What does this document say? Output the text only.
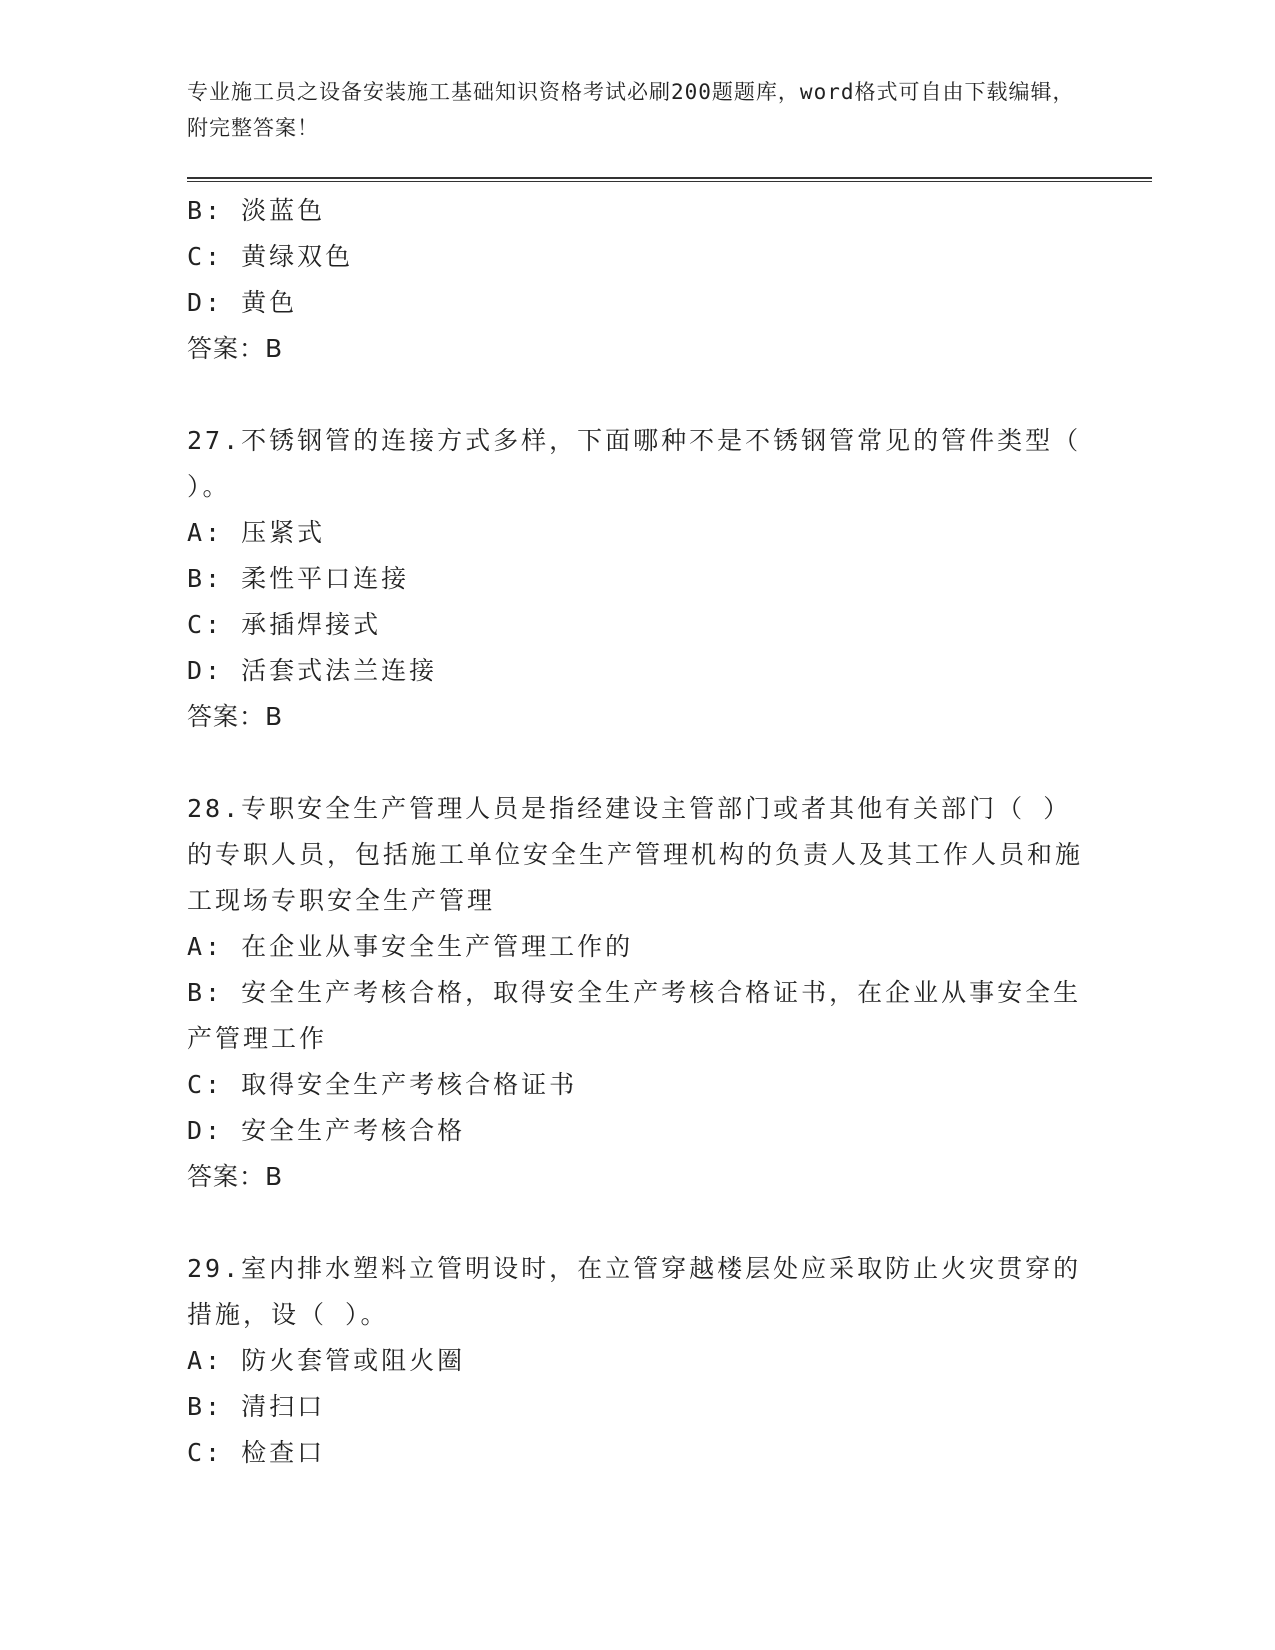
专业施工员之设备安装施工基础知识资格考试必刷200题题库，word格式可自由下载编辑，附完整答案！
B: 淡蓝色
C: 黄绿双色
D: 黄色
答案：B
27.不锈钢管的连接方式多样，下面哪种不是不锈钢管常见的管件类型（ ）。
A: 压紧式
B: 柔性平口连接
C: 承插焊接式
D: 活套式法兰连接
答案：B
28.专职安全生产管理人员是指经建设主管部门或者其他有关部门（ ）的专职人员，包括施工单位安全生产管理机构的负责人及其工作人员和施工现场专职安全生产管理
A: 在企业从事安全生产管理工作的
B: 安全生产考核合格，取得安全生产考核合格证书，在企业从事安全生产管理工作
C: 取得安全生产考核合格证书
D: 安全生产考核合格
答案：B
29.室内排水塑料立管明设时，在立管穿越楼层处应采取防止火灾贯穿的措施，设（ ）。
A: 防火套管或阻火圈
B: 清扫口
C: 检查口
